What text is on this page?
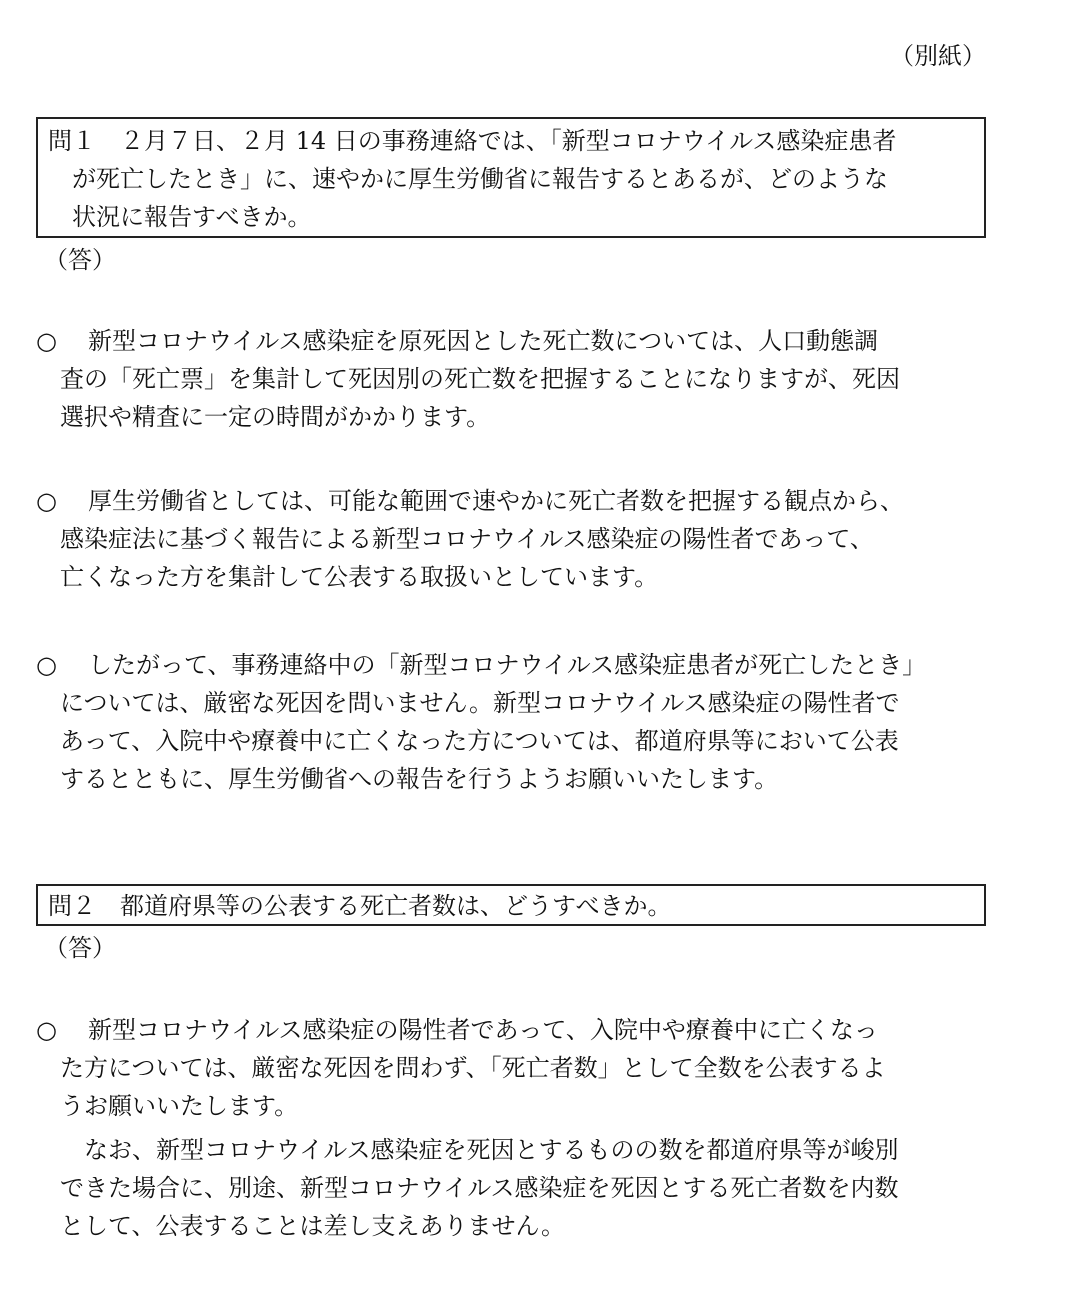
（別紙）
問１　２月７日、２月 14 日の事務連絡では、「新型コロナウイルス感染症患者
が死亡したとき」に、速やかに厚生労働省に報告するとあるが、どのような
状況に報告すべきか。
（答）
○ 新型コロナウイルス感染症を原死因とした死亡数については、人口動態調
査の「死亡票」を集計して死因別の死亡数を把握することになりますが、死因
選択や精査に一定の時間がかかります。
○ 厚生労働省としては、可能な範囲で速やかに死亡者数を把握する観点から、
感染症法に基づく報告による新型コロナウイルス感染症の陽性者であって、
亡くなった方を集計して公表する取扱いとしています。
○ したがって、事務連絡中の「新型コロナウイルス感染症患者が死亡したとき」
については、厳密な死因を問いません。新型コロナウイルス感染症の陽性者で
あって、入院中や療養中に亡くなった方については、都道府県等において公表
するとともに、厚生労働省への報告を行うようお願いいたします。
問２　都道府県等の公表する死亡者数は、どうすべきか。
（答）
○ 新型コロナウイルス感染症の陽性者であって、入院中や療養中に亡くなっ
た方については、厳密な死因を問わず、「死亡者数」として全数を公表するよ
うお願いいたします。
なお、新型コロナウイルス感染症を死因とするものの数を都道府県等が峻別
できた場合に、別途、新型コロナウイルス感染症を死因とする死亡者数を内数
として、公表することは差し支えありません。
